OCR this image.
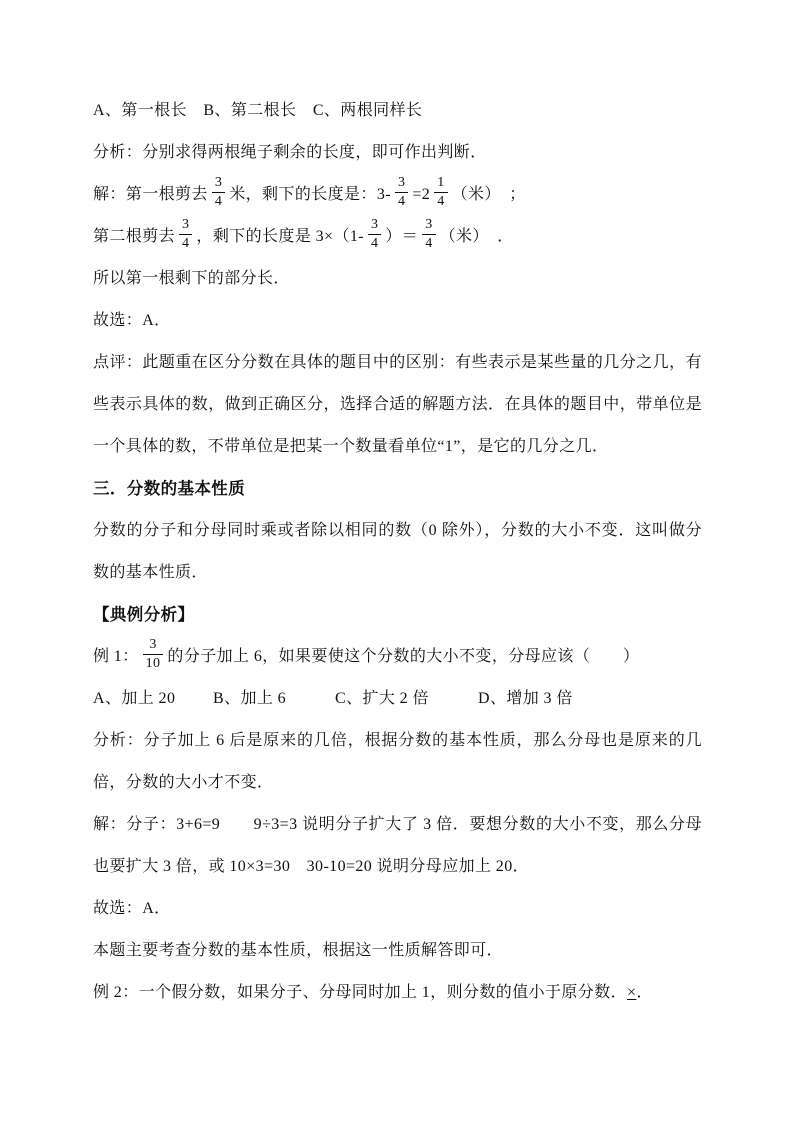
A、第一根长　B、第二根长　C、两根同样长

分析：分别求得两根绳子剩余的长度，即可作出判断．

解：第一根剪去 $\frac{3}{4}$ 米，剩下的长度是：$3- \frac{3}{4} =2 \frac{1}{4}$ （米）　；

第二根剪去 $\frac{3}{4}$ ，剩下的长度是 $3\times(1- \frac{3}{4}$ ）＝ $\frac{3}{4}$ （米）　．

所以第一根剩下的部分长．

故选：A．

点评：此题重在区分分数在具体的题目中的区别：有些表示是某些量的几分之几，有些表示具体的数，做到正确区分，选择合适的解题方法．在具体的题目中，带单位是一个具体的数，不带单位是把某一个数量看单位“1”，是它的几分之几．

三．分数的基本性质

分数的分子和分母同时乘或者除以相同的数（0 除外），分数的大小不变．这叫做分数的基本性质．

【典例分析】

例 1： $\frac{3}{10}$ 的分子加上 6，如果要使这个分数的大小不变，分母应该（　　）

A、加上 20 B、加上 6	C、扩大 2 倍	D、增加 3 倍

分析：分子加上 6 后是原来的几倍，根据分数的基本性质，那么分母也是原来的几倍，分数的大小才不变．

解：分子：3+6=9　　9÷3=3 说明分子扩大了 3 倍．要想分数的大小不变，那么分母也要扩大 3 倍，或 10×3=30　30-10=20 说明分母应加上 20．

故选：A．

本题主要考查分数的基本性质，根据这一性质解答即可．

例 2：一个假分数，如果分子、分母同时加上 1，则分数的值小于原分数．×．
